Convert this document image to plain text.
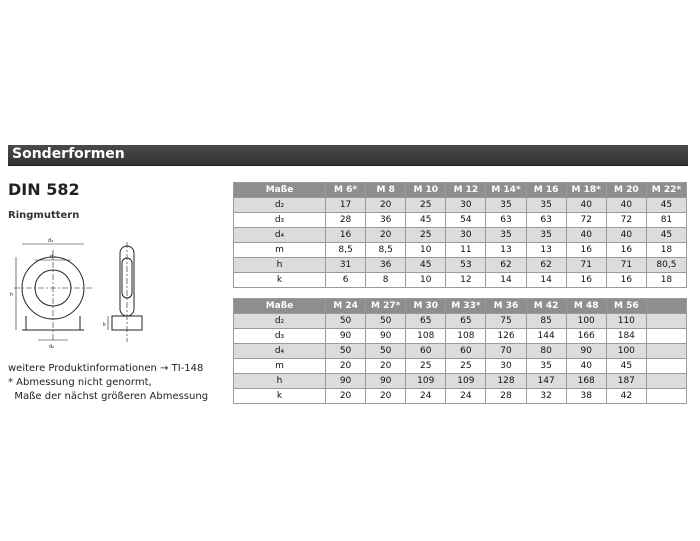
Sonderformen
DIN 582
Ringmuttern
d₃
d₄
d₂
h
k
weitere Produktinformationen → TI-148
* Abmessung nicht genormt,
Maße der nächst größeren Abmessung
Maße	M 6*	M 8	M 10	M 12	M 14*	M 16	M 18*	M 20	M 22*
d₂	17	20	25	30	35	35	40	40	45
d₃	28	36	45	54	63	63	72	72	81
d₄	16	20	25	30	35	35	40	40	45
m	8,5	8,5	10	11	13	13	16	16	18
h	31	36	45	53	62	62	71	71	80,5
k	6	8	10	12	14	14	16	16	18
Maße	M 24	M 27*	M 30	M 33*	M 36	M 42	M 48	M 56	
d₂	50	50	65	65	75	85	100	110	
d₃	90	90	108	108	126	144	166	184	
d₄	50	50	60	60	70	80	90	100	
m	20	20	25	25	30	35	40	45	
h	90	90	109	109	128	147	168	187	
k	20	20	24	24	28	32	38	42	
